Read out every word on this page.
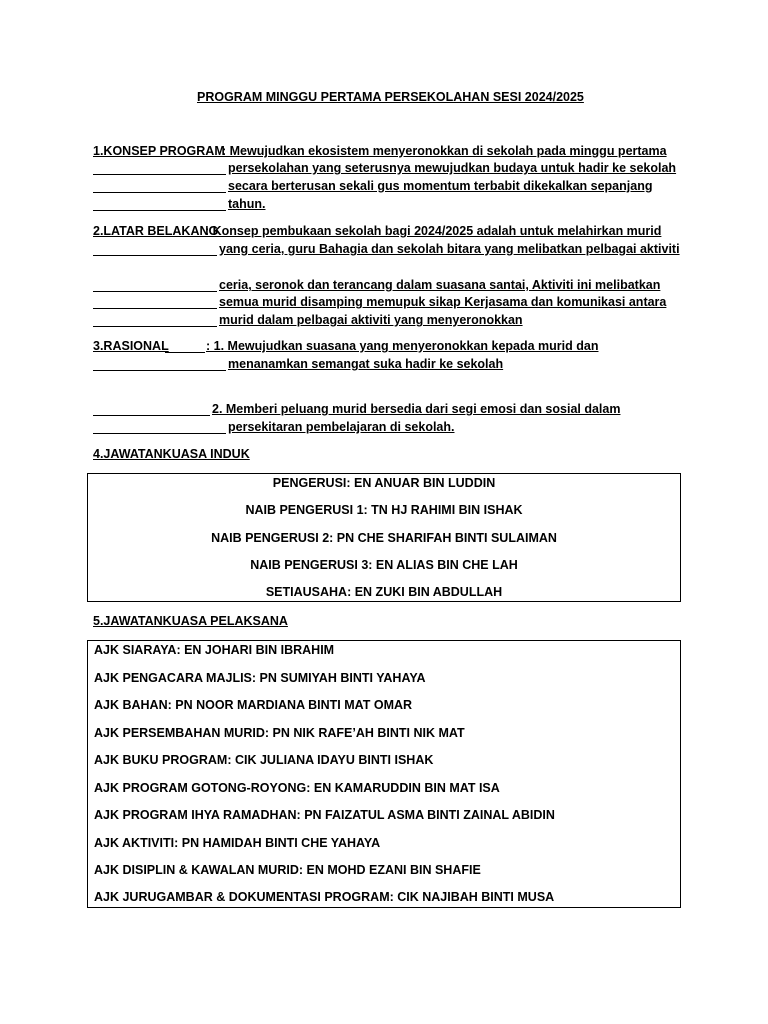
PROGRAM MINGGU PERTAMA PERSEKOLAHAN SESI 2024/2025
1.KONSEP PROGRAM
: Mewujudkan ekosistem menyeronokkan di sekolah pada minggu pertama
persekolahan yang seterusnya mewujudkan budaya untuk hadir ke sekolah
secara berterusan sekali gus momentum terbabit dikekalkan sepanjang
tahun.
2.LATAR BELAKANG
: Konsep pembukaan sekolah bagi 2024/2025 adalah untuk melahirkan murid
yang ceria, guru Bahagia dan sekolah bitara yang melibatkan pelbagai aktiviti
ceria, seronok dan terancang dalam suasana santai, Aktiviti ini melibatkan
semua murid disamping memupuk sikap Kerjasama dan komunikasi antara
murid dalam pelbagai aktiviti yang menyeronokkan
3.RASIONAL	: 1. Mewujudkan suasana yang menyeronokkan kepada murid dan
menanamkan semangat suka hadir ke sekolah
2. Memberi peluang murid bersedia dari segi emosi dan sosial dalam
persekitaran pembelajaran di sekolah.
4.JAWATANKUASA INDUK
PENGERUSI: EN ANUAR BIN LUDDIN
NAIB PENGERUSI 1: TN HJ RAHIMI BIN ISHAK
NAIB PENGERUSI 2: PN CHE SHARIFAH BINTI SULAIMAN
NAIB PENGERUSI 3: EN ALIAS BIN CHE LAH
SETIAUSAHA: EN ZUKI BIN ABDULLAH
5.JAWATANKUASA PELAKSANA
AJK SIARAYA: EN JOHARI BIN IBRAHIM
AJK PENGACARA MAJLIS: PN SUMIYAH BINTI YAHAYA
AJK BAHAN: PN NOOR MARDIANA BINTI MAT OMAR
AJK PERSEMBAHAN MURID: PN NIK RAFE’AH BINTI NIK MAT
AJK BUKU PROGRAM: CIK JULIANA IDAYU BINTI ISHAK
AJK PROGRAM GOTONG-ROYONG: EN KAMARUDDIN BIN MAT ISA
AJK PROGRAM IHYA RAMADHAN: PN FAIZATUL ASMA BINTI ZAINAL ABIDIN
AJK AKTIVITI: PN HAMIDAH BINTI CHE YAHAYA
AJK DISIPLIN & KAWALAN MURID: EN MOHD EZANI BIN SHAFIE
AJK JURUGAMBAR & DOKUMENTASI PROGRAM: CIK NAJIBAH BINTI MUSA
